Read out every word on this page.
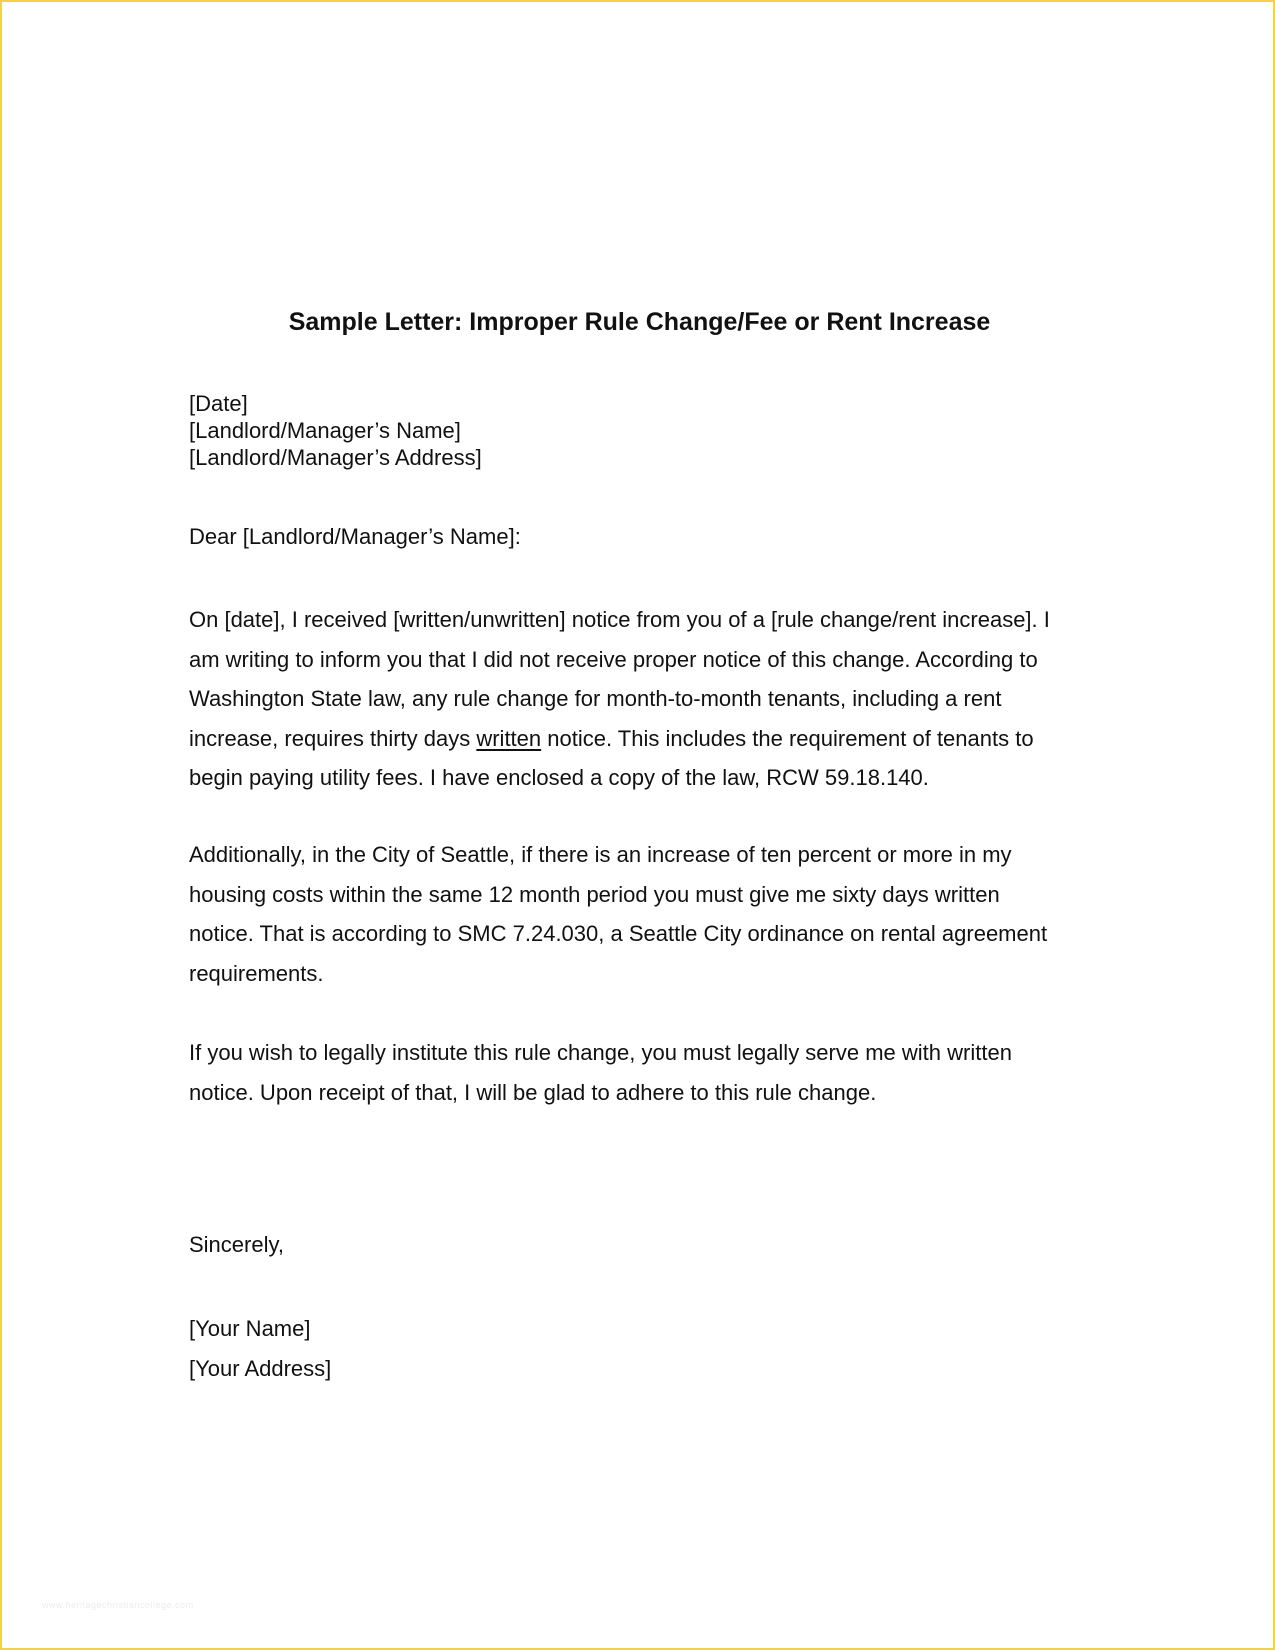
Sample Letter: Improper Rule Change/Fee or Rent Increase
[Date]
[Landlord/Manager’s Name]
[Landlord/Manager’s Address]
Dear [Landlord/Manager’s Name]:
On [date], I received [written/unwritten] notice from you of a [rule change/rent increase]. I
am writing to inform you that I did not receive proper notice of this change. According to
Washington State law, any rule change for month-to-month tenants, including a rent
increase, requires thirty days written notice. This includes the requirement of tenants to
begin paying utility fees. I have enclosed a copy of the law, RCW 59.18.140.
Additionally, in the City of Seattle, if there is an increase of ten percent or more in my
housing costs within the same 12 month period you must give me sixty days written
notice. That is according to SMC 7.24.030, a Seattle City ordinance on rental agreement
requirements.
If you wish to legally institute this rule change, you must legally serve me with written
notice. Upon receipt of that, I will be glad to adhere to this rule change.
Sincerely,
[Your Name]
[Your Address]
www.heritagechristiancollege.com
